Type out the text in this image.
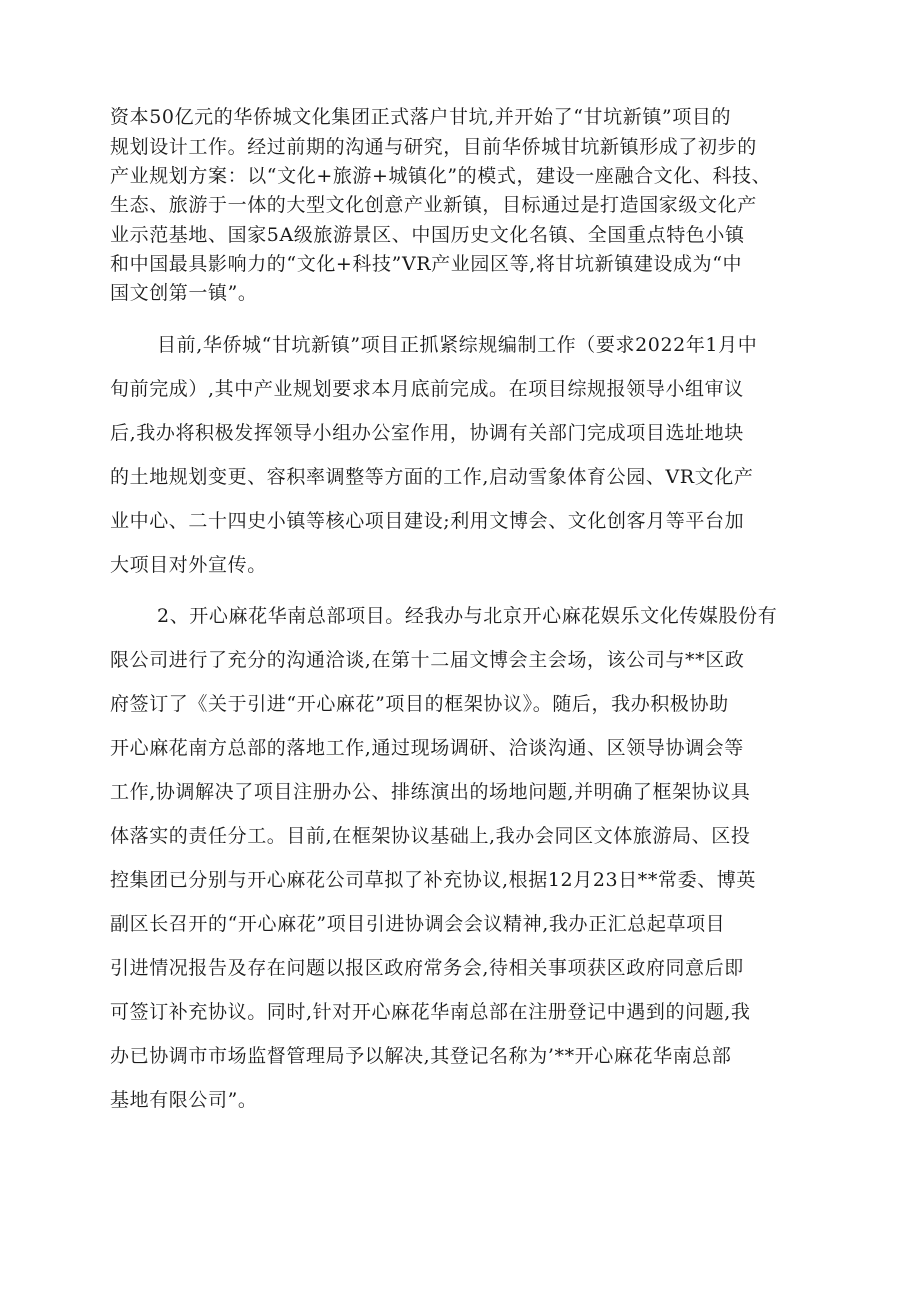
资本50亿元的华侨城文化集团正式落户甘坑,并开始了“甘坑新镇”项目的
规划设计工作。经过前期的沟通与研究，目前华侨城甘坑新镇形成了初步的
产业规划方案：以“文化+旅游+城镇化”的模式，建设一座融合文化、科技、
生态、旅游于一体的大型文化创意产业新镇，目标通过是打造国家级文化产
业示范基地、国家5A级旅游景区、中国历史文化名镇、全国重点特色小镇
和中国最具影响力的“文化+科技”VR产业园区等,将甘坑新镇建设成为“中
国文创第一镇”。
目前,华侨城“甘坑新镇”项目正抓紧综规编制工作（要求2022年1月中
旬前完成）,其中产业规划要求本月底前完成。在项目综规报领导小组审议
后,我办将积极发挥领导小组办公室作用，协调有关部门完成项目选址地块
的土地规划变更、容积率调整等方面的工作,启动雪象体育公园、VR文化产
业中心、二十四史小镇等核心项目建设;利用文博会、文化创客月等平台加
大项目对外宣传。
2、开心麻花华南总部项目。经我办与北京开心麻花娱乐文化传媒股份有
限公司进行了充分的沟通洽谈,在第十二届文博会主会场，该公司与**区政
府签订了《关于引进“开心麻花”项目的框架协议》。随后，我办积极协助
开心麻花南方总部的落地工作,通过现场调研、洽谈沟通、区领导协调会等
工作,协调解决了项目注册办公、排练演出的场地问题,并明确了框架协议具
体落实的责任分工。目前,在框架协议基础上,我办会同区文体旅游局、区投
控集团已分别与开心麻花公司草拟了补充协议,根据12月23日**常委、博英
副区长召开的“开心麻花”项目引进协调会会议精神,我办正汇总起草项目
引进情况报告及存在问题以报区政府常务会,待相关事项获区政府同意后即
可签订补充协议。同时,针对开心麻花华南总部在注册登记中遇到的问题,我
办已协调市市场监督管理局予以解决,其登记名称为’**开心麻花华南总部
基地有限公司”。
